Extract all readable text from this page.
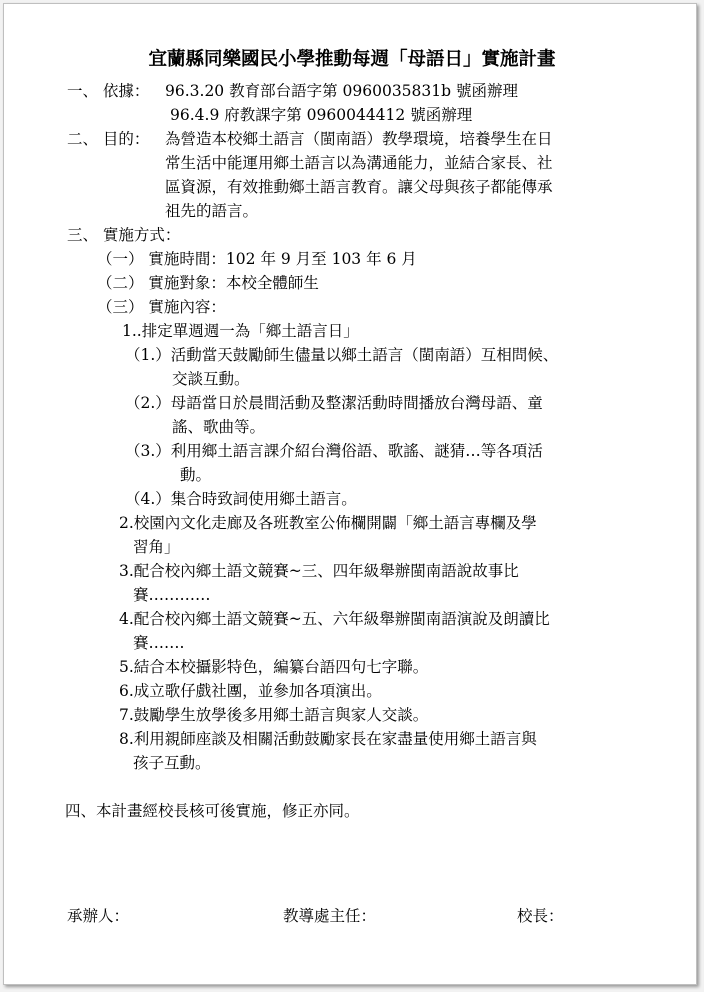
宜蘭縣同樂國民小學推動每週「母語日」實施計畫
一、 依據： 96.3.20 教育部台語字第 0960035831b 號函辦理
96.4.9 府教課字第 0960044412 號函辦理
二、 目的： 為營造本校鄉土語言（閩南語）教學環境，培養學生在日
常生活中能運用鄉土語言以為溝通能力，並結合家長、社
區資源，有效推動鄉土語言教育。讓父母與孩子都能傳承
祖先的語言。
三、 實施方式：
（一） 實施時間：102 年 9 月至 103 年 6 月
（二） 實施對象：本校全體師生
（三） 實施內容：
1..排定單週週一為「鄉土語言日」
（1.）活動當天鼓勵師生儘量以鄉土語言（閩南語）互相問候、
交談互動。
（2.）母語當日於晨間活動及整潔活動時間播放台灣母語、童
謠、歌曲等。
（3.）利用鄉土語言課介紹台灣俗語、歌謠、謎猜…等各項活
動。
（4.）集合時致詞使用鄉土語言。
2.校園內文化走廊及各班教室公佈欄開闢「鄉土語言專欄及學
習角」
3.配合校內鄉土語文競賽~三、四年級舉辦閩南語說故事比
賽…………
4.配合校內鄉土語文競賽~五、六年級舉辦閩南語演說及朗讀比
賽…….
5.結合本校攝影特色，編纂台語四句七字聯。
6.成立歌仔戲社團，並參加各項演出。
7.鼓勵學生放學後多用鄉土語言與家人交談。
8.利用親師座談及相關活動鼓勵家長在家盡量使用鄉土語言與
孩子互動。
四、本計畫經校長核可後實施，修正亦同。
承辦人：	教導處主任：	校長：
